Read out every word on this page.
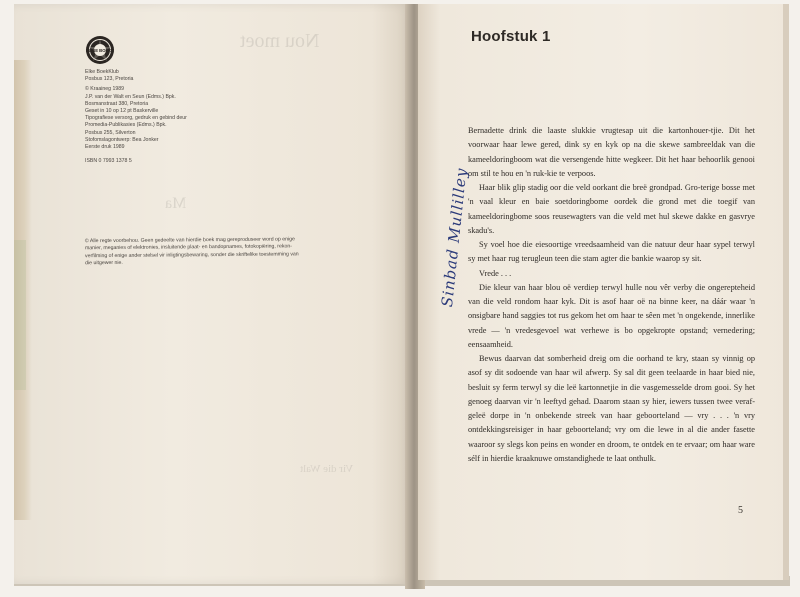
Nou moet
Ma
Vir die Walt
ELSIE BOEKE
Elke BoekKlub
Posbus 123, Pretoria
© Kraaineg 1989
J.P. van der Walt en Seun (Edms.) Bpk.
Bosmanstraat 380, Pretoria
Geset in 10 op 12 pt Baskerville
Tipografiese versorg, gedruk en gebind deur
Promedia-Publikasies (Edms.) Bpk.
Posbus 255, Silverton
Stofomslagontwerp: Bea Jonker
Eerste druk 1989
ISBN 0 7993 1378 5
© Alle regte voorbehou. Geen gedeelte van hierdie boek mag gereproduseer word op enige
manier, meganies of elektronies, insluitende plaat- en bandopnames, fotokopiëring, rekon-
verfilming of enige ander stelsel vir inligtingsbewaring, sonder die skriftelike toestemming van
die uitgewer nie.
Hoofstuk 1

Bernadette drink die laaste slukkie vrugtesap uit die kartonhouer-tjie. Dit het voorwaar haar lewe gered, dink sy en kyk op na die skewe sambreeldak van die kameeldoringboom wat die versengende hitte wegkeer. Dit het haar behoorlik genooi om stil te hou en 'n ruk-kie te verpoos.

Haar blik glip stadig oor die veld oorkant die breë grondpad. Gro-terige bosse met 'n vaal kleur en baie soetdoringbome oordek die grond met die toegif van kameeldoringbome soos reusewagters van die veld met hul skewe dakke en gasvrye skadu's.

Sy voel hoe die eiesoortige vreedsaamheid van die natuur deur haar sypel terwyl sy met haar rug terugleun teen die stam agter die bankie waarop sy sit.

Vrede . . .

Die kleur van haar blou oë verdiep terwyl hulle nou vêr verby die ongerepteheid van die veld rondom haar kyk. Dit is asof haar oë na binne keer, na dáár waar 'n onsigbare hand saggies tot rus gekom het om haar te sêen met 'n ongekende, innerlike vrede — 'n vredesgevoel wat verhewe is bo opgekropte opstand; vernedering; eensaamheid.

Bewus daarvan dat somberheid dreig om die oorhand te kry, staan sy vinnig op asof sy dit sodoende van haar wil afwerp. Sy sal dit geen teelaarde in haar bied nie, besluit sy ferm terwyl sy die leë kartonnetjie in die vasgemesselde drom gooi. Sy het genoeg daarvan vir 'n leeftyd gehad. Daarom staan sy hier, iewers tussen twee veraf-geleë dorpe in 'n onbekende streek van haar geboorteland — vry . . . 'n vry ontdekkingsreisiger in haar geboorteland; vry om die lewe in al die ander fasette waaroor sy slegs kon peins en wonder en droom, te ontdek en te ervaar; om haar ware sélf in hierdie kraaknuwe omstandighede te laat onthulk.

5
Sinbad Mullilley
